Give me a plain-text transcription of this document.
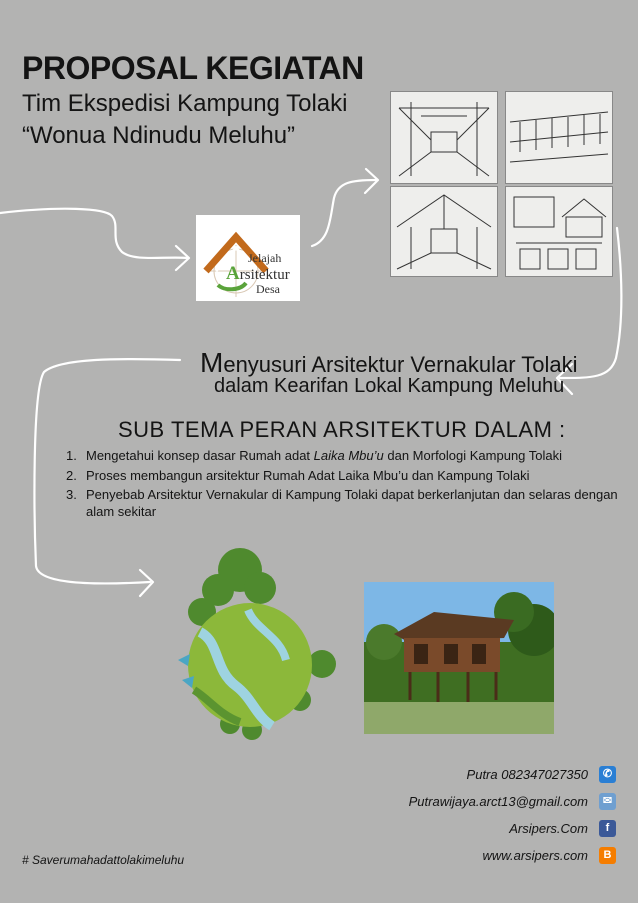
PROPOSAL KEGIATAN
Tim Ekspedisi Kampung Tolaki
“Wonua Ndinudu Meluhu”
Jelajah
Arsitektur
Desa
Menyusuri Arsitektur Vernakular Tolaki
dalam Kearifan Lokal Kampung Meluhu
SUB TEMA PERAN ARSITEKTUR DALAM :
1. Mengetahui konsep dasar Rumah adat Laika Mbu’u dan Morfologi Kampung Tolaki
2. Proses membangun arsitektur Rumah Adat Laika Mbu’u dan Kampung Tolaki
3. Penyebab Arsitektur Vernakular di Kampung Tolaki dapat berkerlanjutan dan selaras dengan alam sekitar
Putra 082347027350	✆
Putrawijaya.arct13@gmail.com	✉
Arsipers.Com	f
www.arsipers.com	B
# Saverumahadattolakimeluhu
